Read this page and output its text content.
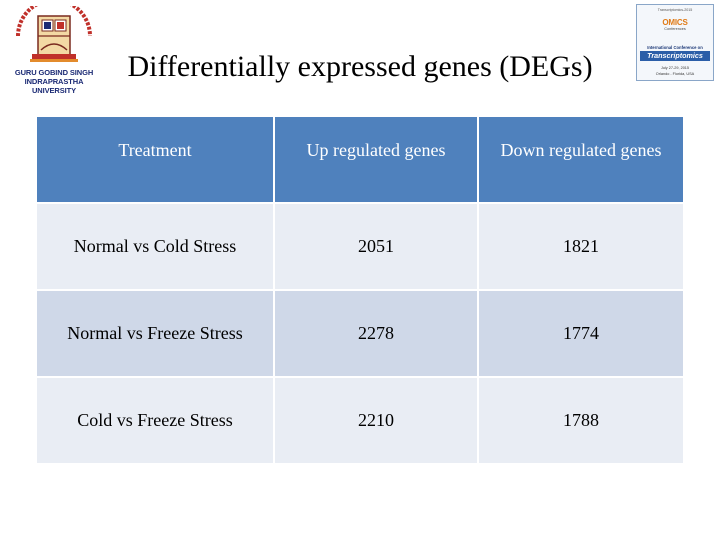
GURU GOBIND SINGH
INDRAPRASTHA
UNIVERSITY
Differentially expressed genes (DEGs)
Transcriptomics-2015
OMICS
Conferences
International Conference on
Transcriptomics
July 27-29, 2015
Orlando - Florida, USA
Treatment	Up regulated genes	Down regulated genes
Normal vs Cold Stress	2051	1821
Normal vs Freeze Stress	2278	1774
Cold vs Freeze Stress	2210	1788
